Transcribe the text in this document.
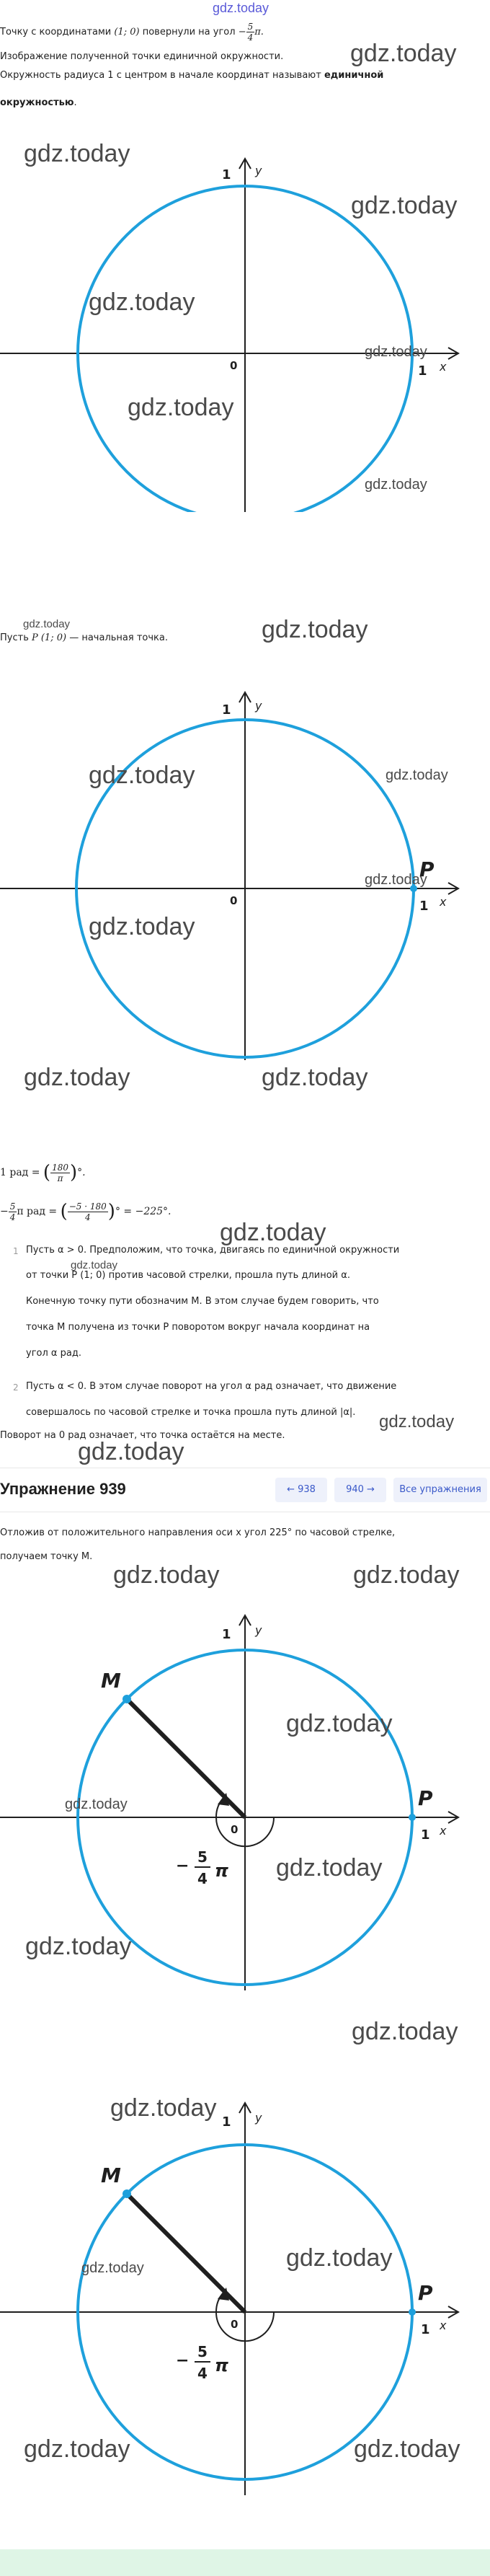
gdz.today
Точку с координатами (1; 0) повернули на угол − $\frac{5}{4} \pi$.
Изображение полученной точки единичной окружности.
Окружность радиуса 1 с центром в начале координат называют единичной
окружностью.
gdz.today
1 y
0	1 x
gdz.today
gdz.today
gdz.today
gdz.today
gdz.today
gdz.today
gdz.today
Пусть P (1; 0) — начальная точка.	gdz.today
P
1 y
0	1 x
gdz.today	gdz.today
gdz.today
gdz.today
gdz.today	gdz.today
1 рад = ( $\frac{180}{\pi}$ )°.
− $\frac{5}{4}$ π рад = ( $\frac{-5 \cdot 180}{4}$ )° = −225°.
gdz.today
1 Пусть α > 0. Предположим, что точка, двигаясь по единичной окружности
gdz.today
от точки P (1; 0) против часовой стрелки, прошла путь длиной α.
Конечную точку пути обозначим M. В этом случае будем говорить, что
точка M получена из точки P поворотом вокруг начала координат на
угол α рад.
2 Пусть α < 0. В этом случае поворот на угол α рад означает, что движение
совершалось по часовой стрелке и точка прошла путь длиной |α|. gdz.today
Поворот на 0 рад означает, что точка остаётся на месте.
Упражнение 939	← 938	940 →	Все упражнения
gdz.today
Отложив от положительного направления оси x угол 225° по часовой стрелке,
получаем точку M.
M
P
1 y
0	1 x
− 5
4 π
gdz.today	gdz.today
gdz.today
gdz.today
gdz.today
gdz.today
gdz.today
M
P
1 y
0	1 x
− 5
4 π
gdz.today
gdz.today
gdz.today
gdz.today	gdz.today
